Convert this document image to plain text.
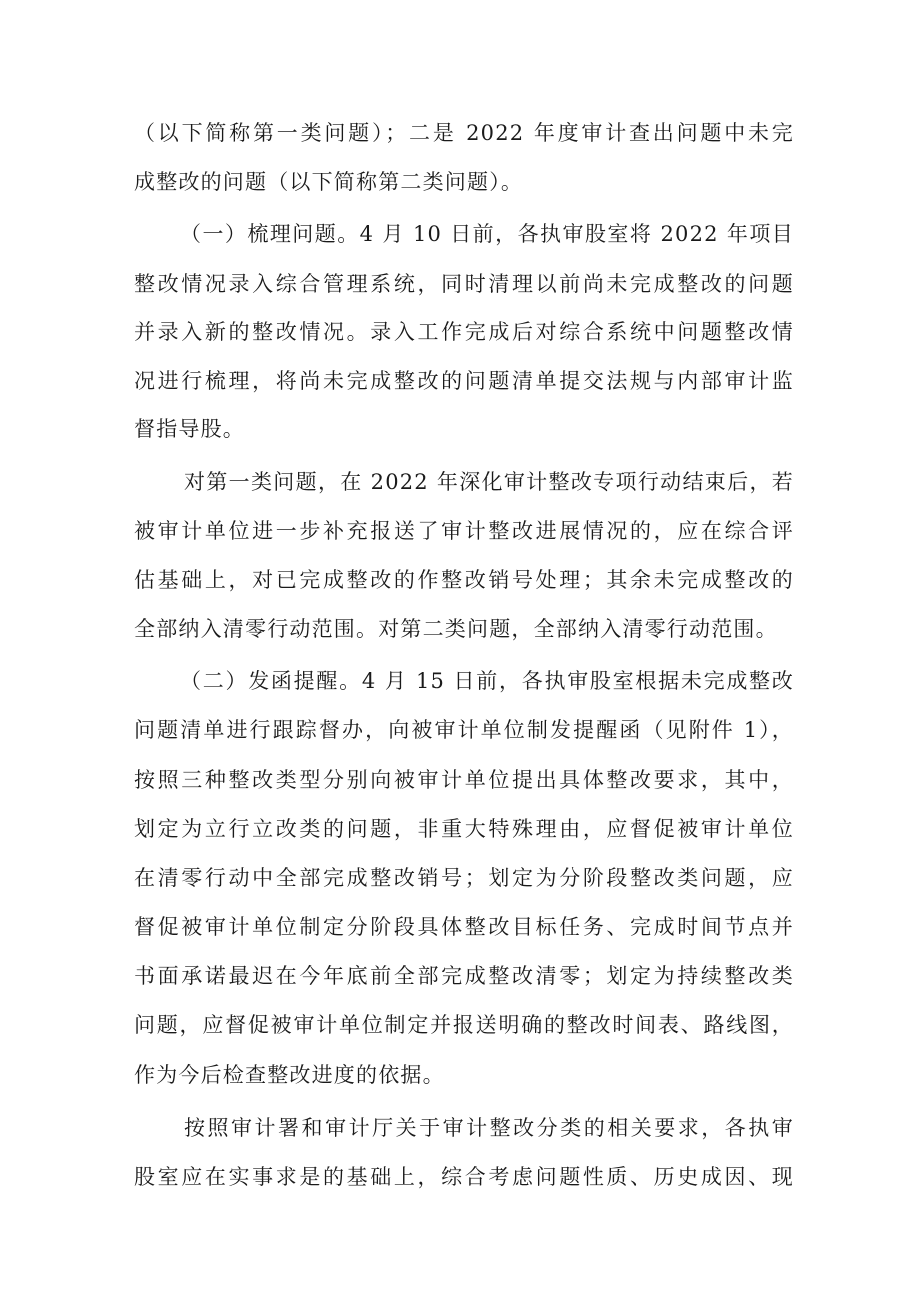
（以下简称第一类问题）；二是 2022 年度审计查出问题中未完

成整改的问题（以下简称第二类问题）。

（一）梳理问题。4 月 10 日前，各执审股室将 2022 年项目

整改情况录入综合管理系统，同时清理以前尚未完成整改的问题

并录入新的整改情况。录入工作完成后对综合系统中问题整改情

况进行梳理，将尚未完成整改的问题清单提交法规与内部审计监

督指导股。

对第一类问题，在 2022 年深化审计整改专项行动结束后，若

被审计单位进一步补充报送了审计整改进展情况的，应在综合评

估基础上，对已完成整改的作整改销号处理；其余未完成整改的

全部纳入清零行动范围。对第二类问题，全部纳入清零行动范围。

（二）发函提醒。4 月 15 日前，各执审股室根据未完成整改

问题清单进行跟踪督办，向被审计单位制发提醒函（见附件 1），

按照三种整改类型分别向被审计单位提出具体整改要求，其中，

划定为立行立改类的问题，非重大特殊理由，应督促被审计单位

在清零行动中全部完成整改销号；划定为分阶段整改类问题，应

督促被审计单位制定分阶段具体整改目标任务、完成时间节点并

书面承诺最迟在今年底前全部完成整改清零；划定为持续整改类

问题，应督促被审计单位制定并报送明确的整改时间表、路线图，

作为今后检查整改进度的依据。

按照审计署和审计厅关于审计整改分类的相关要求，各执审

股室应在实事求是的基础上，综合考虑问题性质、历史成因、现
